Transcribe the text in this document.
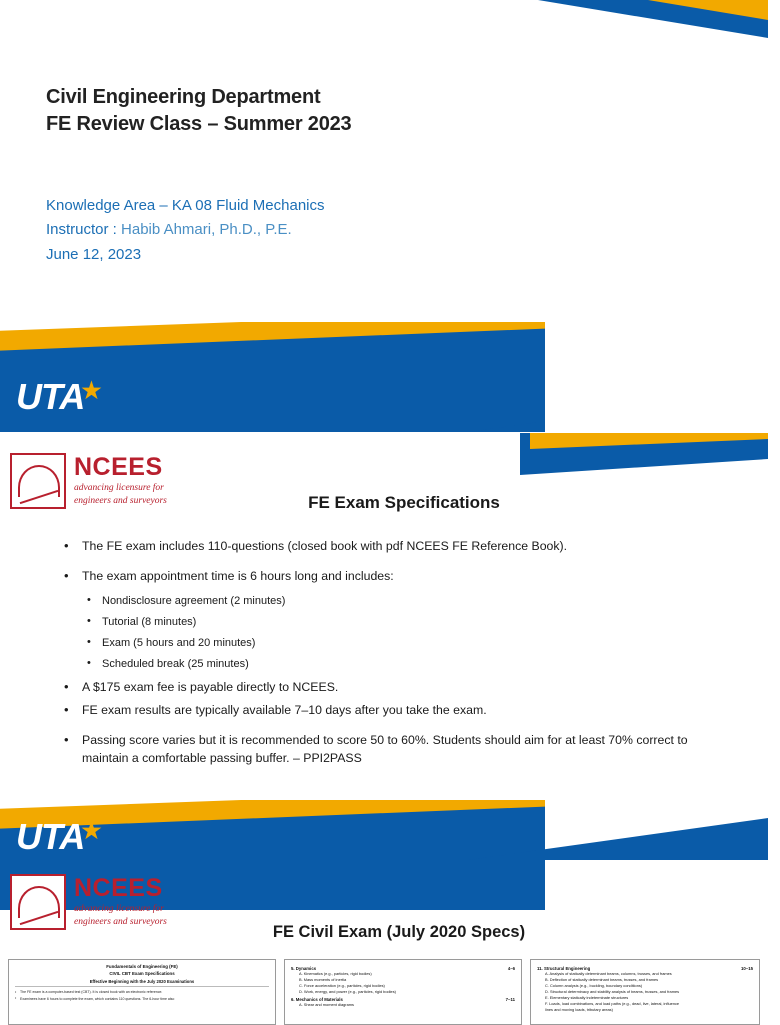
Civil Engineering Department
FE Review Class – Summer 2023
Knowledge Area – KA 08 Fluid Mechanics
Instructor : Habib Ahmari, Ph.D., P.E.
June 12, 2023
UTA★
NCEES
advancing licensure for
engineers and surveyors	FE Exam Specifications
• The FE exam includes 110-questions (closed book with pdf NCEES FE Reference Book).
• The exam appointment time is 6 hours long and includes:
• Nondisclosure agreement (2 minutes)
• Tutorial (8 minutes)
• Exam (5 hours and 20 minutes)
• Scheduled break (25 minutes)
• A $175 exam fee is payable directly to NCEES.
• FE exam results are typically available 7–10 days after you take the exam.
• Passing score varies but it is recommended to score 50 to 60%. Students should aim for at least 70% correct to maintain a comfortable passing buffer. – PPI2PASS
UTA★
NCEES
advancing licensure for
engineers and surveyors
FE Civil Exam (July 2020 Specs)
Fundamentals of Engineering (FE)
CIVIL CBT Exam Specifications
Effective Beginning with the July 2020 Examinations
• The FE exam is a computer-based test (CBT). It is closed book with an electronic reference.
• Examinees have 6 hours to complete the exam, which contains 110 questions. The 6-hour time also
5. Dynamics	4–6
A. Kinematics (e.g., particles, rigid bodies)
B. Mass moments of inertia
C. Force acceleration (e.g., particles, rigid bodies)
D. Work, energy, and power (e.g., particles, rigid bodies)
6. Mechanics of Materials	7–11
A. Shear and moment diagrams
11. Structural Engineering	10–15
A. Analysis of statically determinant beams, columns, trusses, and frames
B. Deflection of statically determinant beams, trusses, and frames
C. Column analysis (e.g., buckling, boundary conditions)
D. Structural determinacy and stability analysis of beams, trusses, and frames
E. Elementary statically indeterminate structures
F. Loads, load combinations, and load paths (e.g., dead, live, lateral, influence
lines and moving loads, tributary areas)
